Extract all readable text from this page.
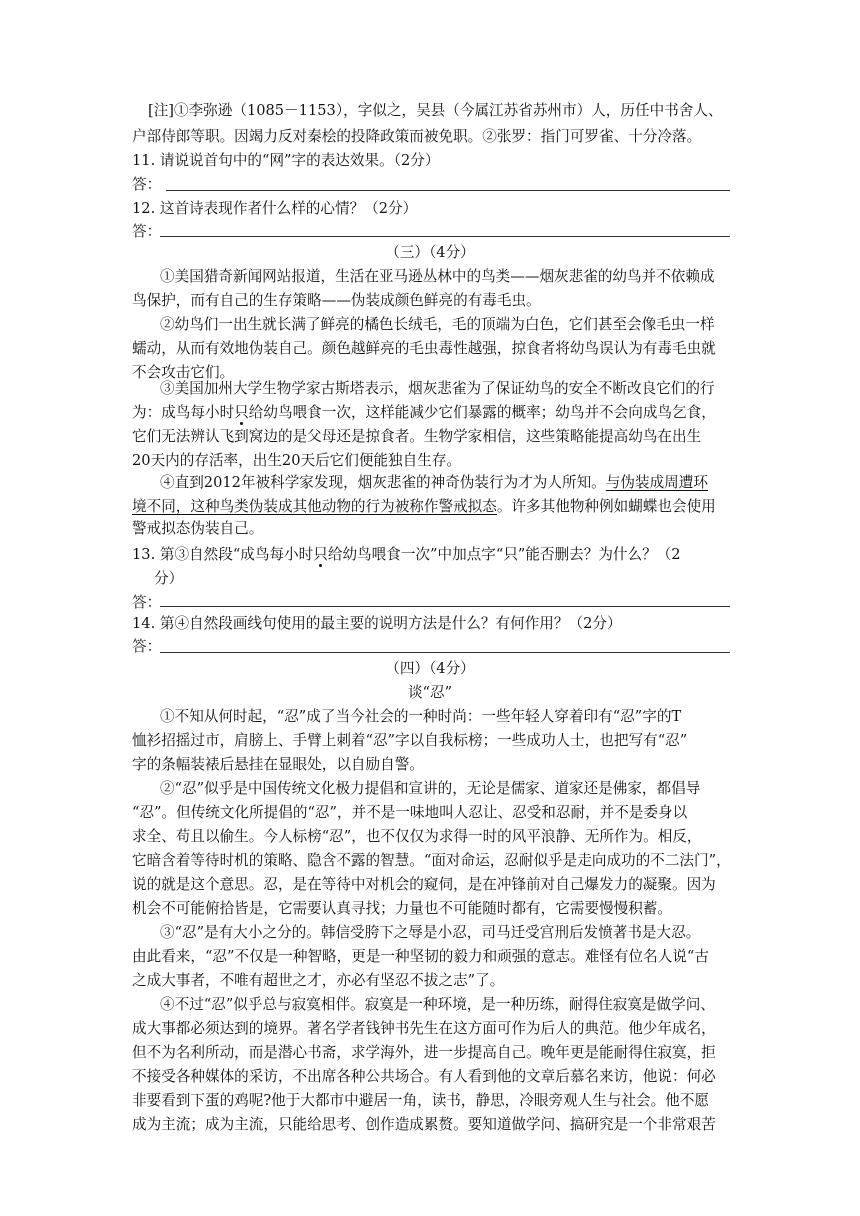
[注]①李弥逊（1085－1153），字似之，吴县（今属江苏省苏州市）人，历任中书舍人、
户部侍郎等职。因竭力反对秦桧的投降政策而被免职。②张罗：指门可罗雀、十分冷落。
11. 请说说首句中的“网”字的表达效果。（2分）
答：
12. 这首诗表现作者什么样的心情？（2分）
答：
（三）（4分）
①美国猎奇新闻网站报道，生活在亚马逊丛林中的鸟类——烟灰悲雀的幼鸟并不依赖成
鸟保护，而有自己的生存策略——伪装成颜色鲜亮的有毒毛虫。
②幼鸟们一出生就长满了鲜亮的橘色长绒毛，毛的顶端为白色，它们甚至会像毛虫一样
蠕动，从而有效地伪装自己。颜色越鲜亮的毛虫毒性越强，掠食者将幼鸟误认为有毒毛虫就
不会攻击它们。
③美国加州大学生物学家古斯塔表示，烟灰悲雀为了保证幼鸟的安全不断改良它们的行
为：成鸟每小时只给幼鸟喂食一次，这样能减少它们暴露的概率；幼鸟并不会向成鸟乞食，
它们无法辨认飞到窝边的是父母还是掠食者。生物学家相信，这些策略能提高幼鸟在出生
20天内的存活率，出生20天后它们便能独自生存。
④直到2012年被科学家发现，烟灰悲雀的神奇伪装行为才为人所知。与伪装成周遭环
境不同，这种鸟类伪装成其他动物的行为被称作警戒拟态。许多其他物种例如蝴蝶也会使用
警戒拟态伪装自己。
13. 第③自然段“成鸟每小时只给幼鸟喂食一次”中加点字“只”能否删去？为什么？（2
分）
答：
14. 第④自然段画线句使用的最主要的说明方法是什么？有何作用？（2分）
答：
（四）（4分）
谈“忍”
①不知从何时起，“忍”成了当今社会的一种时尚：一些年轻人穿着印有“忍”字的T
恤衫招摇过市，肩膀上、手臂上刺着“忍”字以自我标榜；一些成功人士，也把写有“忍”
字的条幅装裱后悬挂在显眼处，以自励自警。
②“忍”似乎是中国传统文化极力提倡和宣讲的，无论是儒家、道家还是佛家，都倡导
“忍”。但传统文化所提倡的“忍”，并不是一味地叫人忍让、忍受和忍耐，并不是委身以
求全、苟且以偷生。今人标榜“忍”，也不仅仅为求得一时的风平浪静、无所作为。相反，
它暗含着等待时机的策略、隐含不露的智慧。“面对命运，忍耐似乎是走向成功的不二法门”，
说的就是这个意思。忍，是在等待中对机会的窥伺，是在冲锋前对自己爆发力的凝聚。因为
机会不可能俯拾皆是，它需要认真寻找；力量也不可能随时都有，它需要慢慢积蓄。
③“忍”是有大小之分的。韩信受胯下之辱是小忍，司马迁受宫刑后发愤著书是大忍。
由此看来，“忍”不仅是一种智略，更是一种坚韧的毅力和顽强的意志。难怪有位名人说“古
之成大事者，不唯有超世之才，亦必有坚忍不拔之志”了。
④不过“忍”似乎总与寂寞相伴。寂寞是一种环境，是一种历练，耐得住寂寞是做学问、
成大事都必须达到的境界。著名学者钱钟书先生在这方面可作为后人的典范。他少年成名，
但不为名利所动，而是潜心书斋，求学海外，进一步提高自己。晚年更是能耐得住寂寞，拒
不接受各种媒体的采访，不出席各种公共场合。有人看到他的文章后慕名来访，他说：何必
非要看到下蛋的鸡呢?他于大都市中避居一角，读书，静思，冷眼旁观人生与社会。他不愿
成为主流；成为主流，只能给思考、创作造成累赘。要知道做学问、搞研究是一个非常艰苦
